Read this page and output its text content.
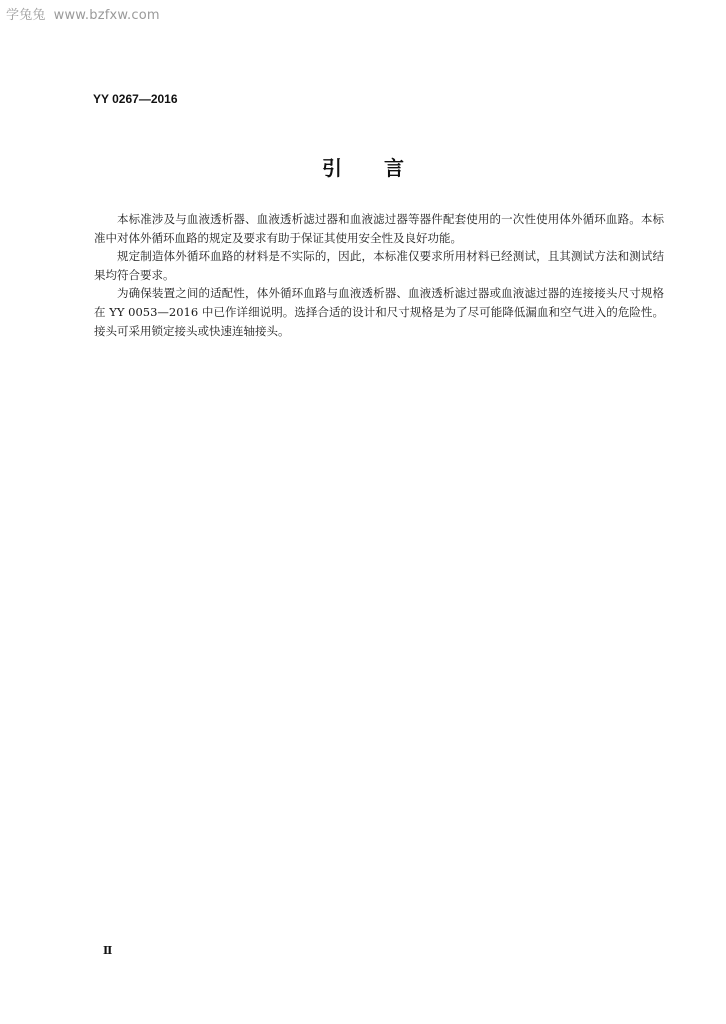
学兔兔 www.bzfxw.com
YY 0267—2016
引言

本标准涉及与血液透析器、血液透析滤过器和血液滤过器等器件配套使用的一次性使用体外循环血路。本标准中对体外循环血路的规定及要求有助于保证其使用安全性及良好功能。

规定制造体外循环血路的材料是不实际的，因此，本标准仅要求所用材料已经测试，且其测试方法和测试结果均符合要求。

为确保装置之间的适配性，体外循环血路与血液透析器、血液透析滤过器或血液滤过器的连接接头尺寸规格在 YY 0053—2016 中已作详细说明。选择合适的设计和尺寸规格是为了尽可能降低漏血和空气进入的危险性。接头可采用锁定接头或快速连轴接头。

Ⅱ
